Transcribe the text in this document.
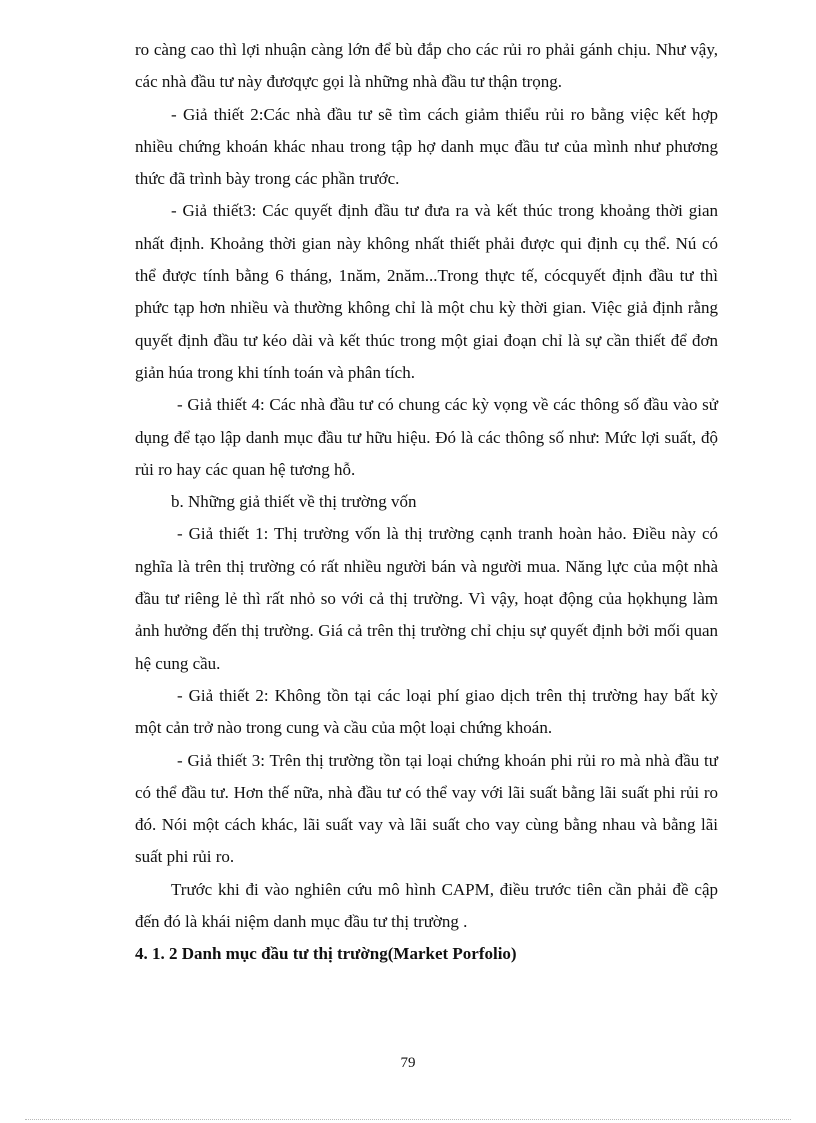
ro càng cao thì lợi nhuận càng lớn để bù đắp cho các rủi ro phải gánh chịu. Như vậy, các nhà đầu tư này đươqực gọi là những nhà đầu tư thận trọng.

- Giả thiết 2:Các nhà đầu tư sẽ tìm cách giảm thiểu rủi ro bằng việc kết hợp nhiều chứng khoán khác nhau trong tập hợ danh mục đầu tư của mình như phương thức đã trình bày trong các phần trước.

- Giả thiết3: Các quyết định đầu tư đưa ra và kết thúc trong khoảng thời gian nhất định. Khoảng thời gian này không nhất thiết phải được qui định cụ thể. Nú có thể được tính bằng 6 tháng, 1năm, 2năm...Trong thực tế, cócquyết định đầu tư thì phức tạp hơn nhiều và thường không chỉ là một chu kỳ thời gian. Việc giả định rằng quyết định đầu tư kéo dài và kết thúc trong một giai đoạn chỉ là sự cần thiết để đơn giản húa trong khi tính toán và phân tích.

- Giả thiết 4: Các nhà đầu tư có chung các kỳ vọng về các thông số đầu vào sử dụng để tạo lập danh mục đầu tư hữu hiệu. Đó là các thông số như: Mức lợi suất, độ rủi ro hay các quan hệ tương hỗ.

b. Những giả thiết về thị trường vốn

- Giả thiết 1: Thị trường vốn là thị trường cạnh tranh hoàn hảo. Điều này có nghĩa là trên thị trường có rất nhiều người bán và người mua. Năng lực của một nhà đầu tư riêng lẻ thì rất nhỏ so với cả thị trường. Vì vậy, hoạt động của họkhụng làm ảnh hưởng đến thị trường. Giá cả trên thị trường chỉ chịu sự quyết định bởi mối quan hệ cung cầu.

- Giả thiết 2: Không tồn tại các loại phí giao dịch trên thị trường hay bất kỳ một cản trở nào trong cung và cầu của một loại chứng khoán.

- Giả thiết 3: Trên thị trường tồn tại loại chứng khoán phi rủi ro mà nhà đầu tư có thể đầu tư. Hơn thế nữa, nhà đầu tư có thể vay với lãi suất bằng lãi suất phi rủi ro đó. Nói một cách khác, lãi suất vay và lãi suất cho vay cùng bằng nhau và bằng lãi suất phi rủi ro.

Trước khi đi vào nghiên cứu mô hình CAPM, điều trước tiên cần phải đề cập đến đó là khái niệm danh mục đầu tư thị trường .

4. 1. 2 Danh mục đầu tư thị trường(Market Porfolio)

79
